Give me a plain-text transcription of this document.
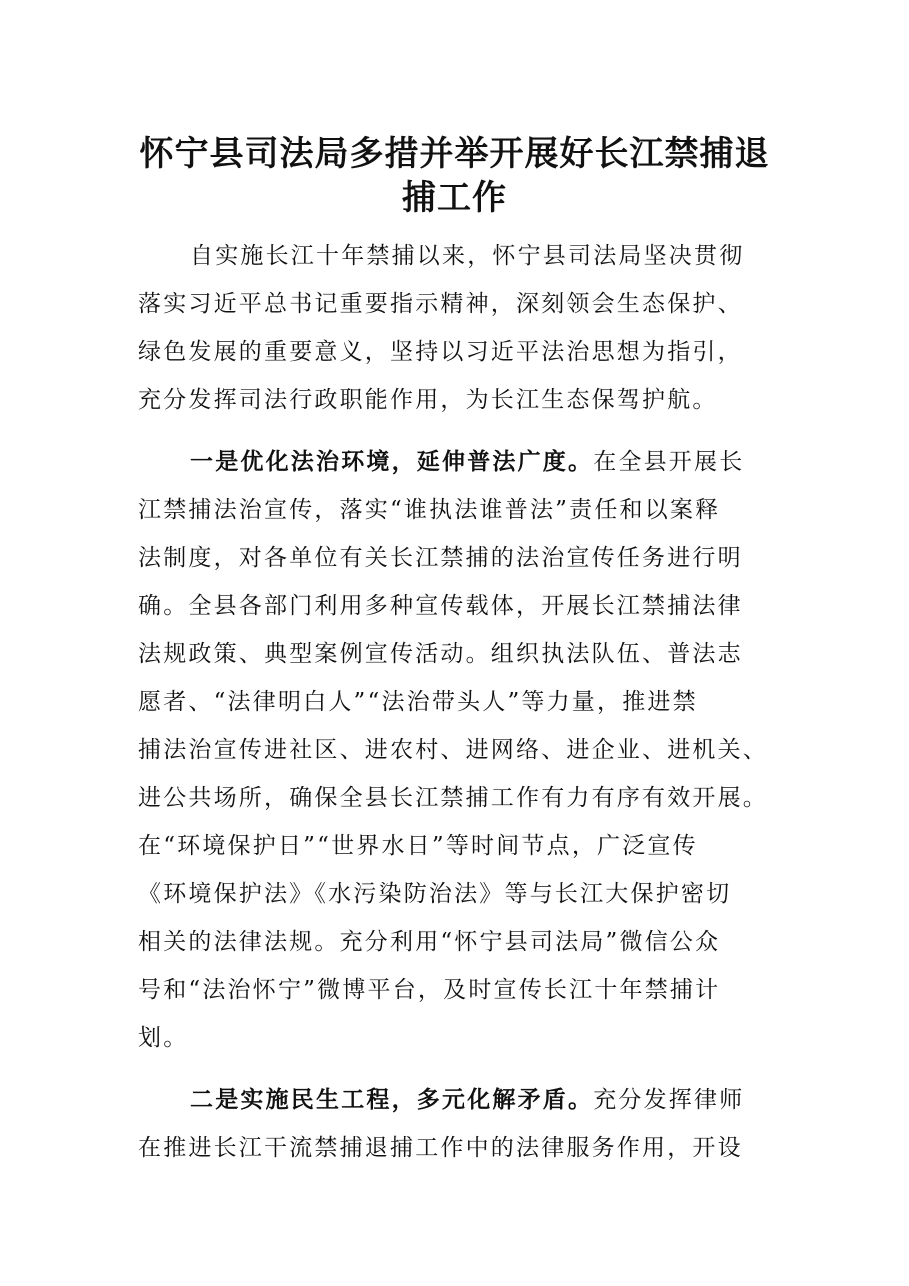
怀宁县司法局多措并举开展好长江禁捕退
捕工作
自实施长江十年禁捕以来，怀宁县司法局坚决贯彻
落实习近平总书记重要指示精神，深刻领会生态保护、
绿色发展的重要意义，坚持以习近平法治思想为指引，
充分发挥司法行政职能作用，为长江生态保驾护航。
一是优化法治环境，延伸普法广度。在全县开展长
江禁捕法治宣传，落实“谁执法谁普法”责任和以案释
法制度，对各单位有关长江禁捕的法治宣传任务进行明
确。全县各部门利用多种宣传载体，开展长江禁捕法律
法规政策、典型案例宣传活动。组织执法队伍、普法志
愿者、“法律明白人”“法治带头人”等力量，推进禁
捕法治宣传进社区、进农村、进网络、进企业、进机关、
进公共场所，确保全县长江禁捕工作有力有序有效开展。
在“环境保护日”“世界水日”等时间节点，广泛宣传
《环境保护法》《水污染防治法》等与长江大保护密切
相关的法律法规。充分利用“怀宁县司法局”微信公众
号和“法治怀宁”微博平台，及时宣传长江十年禁捕计
划。
二是实施民生工程，多元化解矛盾。充分发挥律师
在推进长江干流禁捕退捕工作中的法律服务作用，开设
